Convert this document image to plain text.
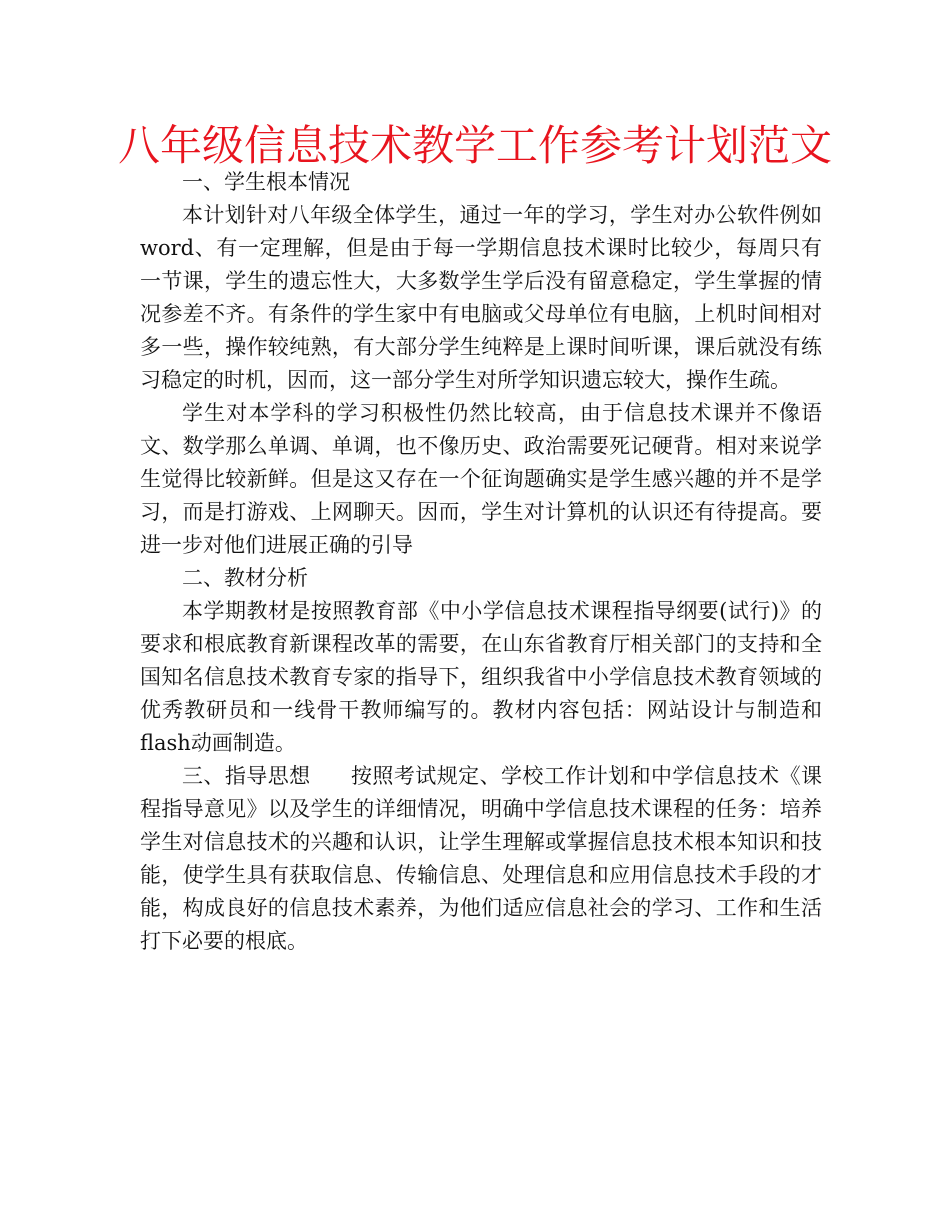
八年级信息技术教学工作参考计划范文

一、学生根本情况

本计划针对八年级全体学生，通过一年的学习，学生对办公软件例如word、有一定理解，但是由于每一学期信息技术课时比较少，每周只有一节课，学生的遗忘性大，大多数学生学后没有留意稳定，学生掌握的情况参差不齐。有条件的学生家中有电脑或父母单位有电脑，上机时间相对多一些，操作较纯熟，有大部分学生纯粹是上课时间听课，课后就没有练习稳定的时机，因而，这一部分学生对所学知识遗忘较大，操作生疏。

学生对本学科的学习积极性仍然比较高，由于信息技术课并不像语文、数学那么单调、单调，也不像历史、政治需要死记硬背。相对来说学生觉得比较新鲜。但是这又存在一个征询题确实是学生感兴趣的并不是学习，而是打游戏、上网聊天。因而，学生对计算机的认识还有待提高。要进一步对他们进展正确的引导

二、教材分析

本学期教材是按照教育部《中小学信息技术课程指导纲要(试行)》的要求和根底教育新课程改革的需要，在山东省教育厅相关部门的支持和全国知名信息技术教育专家的指导下，组织我省中小学信息技术教育领域的优秀教研员和一线骨干教师编写的。教材内容包括：网站设计与制造和flash动画制造。

三、指导思想 按照考试规定、学校工作计划和中学信息技术《课程指导意见》以及学生的详细情况，明确中学信息技术课程的任务：培养学生对信息技术的兴趣和认识，让学生理解或掌握信息技术根本知识和技能，使学生具有获取信息、传输信息、处理信息和应用信息技术手段的才能，构成良好的信息技术素养，为他们适应信息社会的学习、工作和生活打下必要的根底。
